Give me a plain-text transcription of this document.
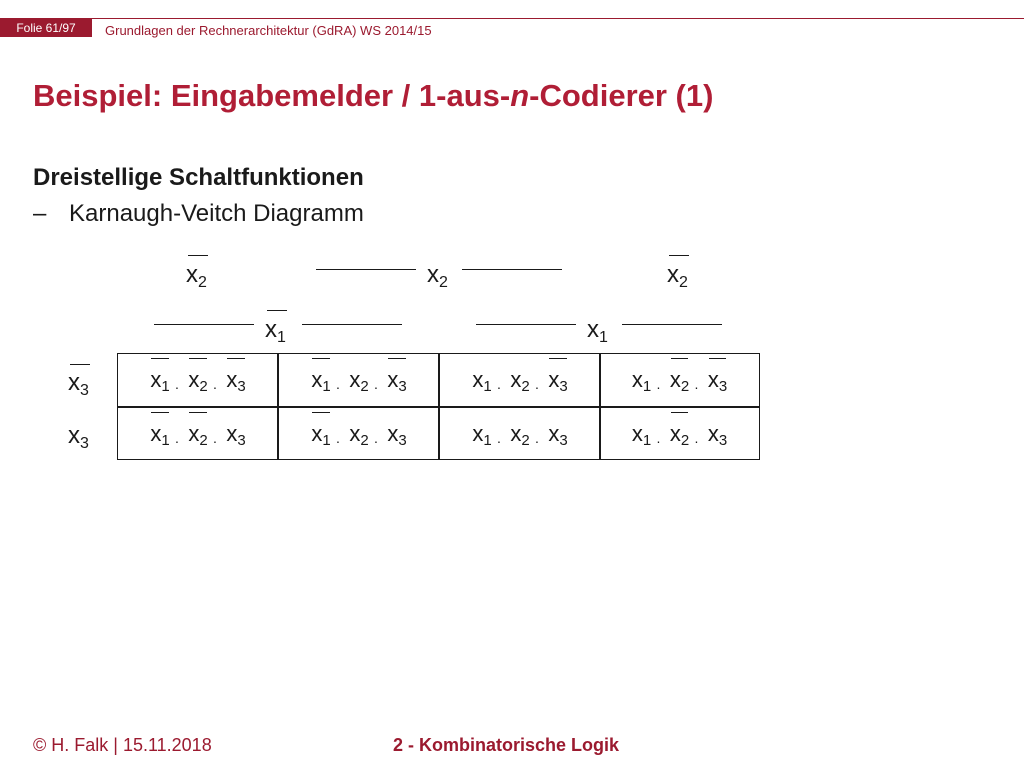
Folie 61/97	Grundlagen der Rechnerarchitektur (GdRA) WS 2014/15
Beispiel: Eingabemelder / 1-aus-n-Codierer (1)
Dreistellige Schaltfunktionen
– Karnaugh-Veitch Diagramm
$x_2$	$x_2$	$x_2$
$x_1$	$x_1$
$x_3$
$x_3$
$x_1 \cdot x_2 \cdot x_3$	$x_1 \cdot x_2 \cdot x_3$	$x_1 \cdot x_2 \cdot x_3$	$x_1 \cdot x_2 \cdot x_3$
$x_1 \cdot x_2 \cdot x_3$	$x_1 \cdot x_2 \cdot x_3$	$x_1 \cdot x_2 \cdot x_3$	$x_1 \cdot x_2 \cdot x_3$
© H. Falk | 15.11.2018	2 - Kombinatorische Logik
